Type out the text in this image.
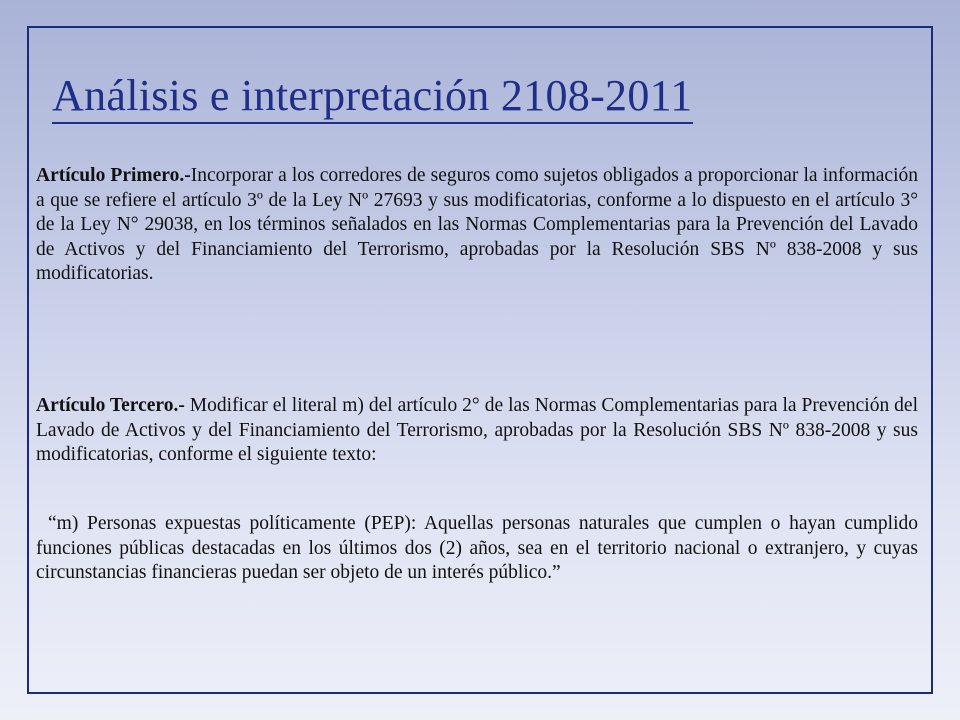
Análisis e interpretación 2108-2011

Artículo Primero.-Incorporar a los corredores de seguros como sujetos obligados a proporcionar la información a que se refiere el artículo 3º de la Ley Nº 27693 y sus modificatorias, conforme a lo dispuesto en el artículo 3° de la Ley N° 29038, en los términos señalados en las Normas Complementarias para la Prevención del Lavado de Activos y del Financiamiento del Terrorismo, aprobadas por la Resolución SBS Nº 838-2008 y sus modificatorias.

Artículo Tercero.- Modificar el literal m) del artículo 2° de las Normas Complementarias para la Prevención del Lavado de Activos y del Financiamiento del Terrorismo, aprobadas por la Resolución SBS Nº 838-2008 y sus modificatorias, conforme el siguiente texto:

“m) Personas expuestas políticamente (PEP): Aquellas personas naturales que cumplen o hayan cumplido funciones públicas destacadas en los últimos dos (2) años, sea en el territorio nacional o extranjero, y cuyas circunstancias financieras puedan ser objeto de un interés público.”
